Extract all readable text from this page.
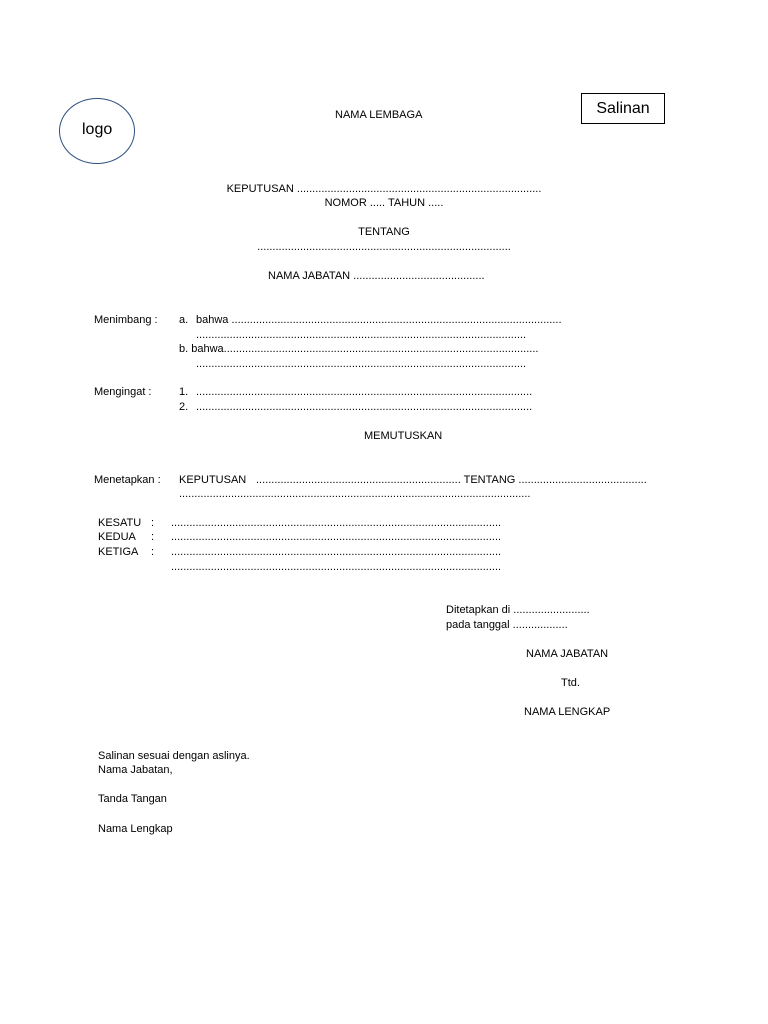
logo
NAMA LEMBAGA	Salinan
KEPUTUSAN ................................................................................
NOMOR ..... TAHUN .....
TENTANG
...................................................................................
NAMA JABATAN ...........................................
Menimbang : a. bahwa ............................................................................................................
............................................................................................................
b. bahwa.......................................................................................................
............................................................................................................
Mengingat :	1. ..............................................................................................................
2. ..............................................................................................................
MEMUTUSKAN
Menetapkan : KEPUTUSAN ................................................................... TENTANG ..........................................
...................................................................................................................
KESATU : ............................................................................................................
KEDUA : ............................................................................................................
KETIGA : ............................................................................................................
............................................................................................................
Ditetapkan di .........................
pada tanggal ..................
NAMA JABATAN
Ttd.
NAMA LENGKAP
Salinan sesuai dengan aslinya.
Nama Jabatan,
Tanda Tangan
Nama Lengkap
